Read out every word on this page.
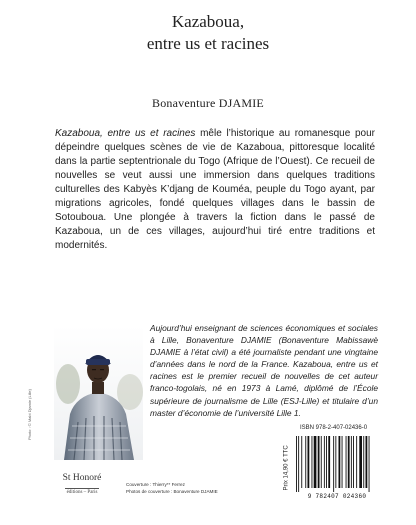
Kazaboua,
entre us et racines
Bonaventure DJAMIE

Kazaboua, entre us et racines mêle l’historique au romanesque pour dépeindre quelques scènes de vie de Kazaboua, pittoresque localité dans la partie septentrionale du Togo (Afrique de l’Ouest). Ce recueil de nouvelles se veut aussi une immersion dans quelques traditions culturelles des Kabyès K’djang de Kouméa, peuple du Togo ayant, par migrations agricoles, fondé quelques villages dans le bassin de Sotouboua. Une plongée à travers la fiction dans le passé de Kazaboua, un de ces villages, aujourd’hui tiré entre traditions et modernités.

Photo : © Mabi Djamie (Lille)

Aujourd’hui enseignant de sciences économiques et sociales à Lille, Bonaventure DJAMIE (Bonaventure Mabissawè DJAMIE à l’état civil) a été journaliste pendant une vingtaine d’années dans le nord de la France. Kazaboua, entre us et racines est le premier recueil de nouvelles de cet auteur franco-togolais, né en 1973 à Lamé, diplômé de l’École supérieure de journalisme de Lille (ESJ-Lille) et titulaire d’un master d’économie de l’université Lille 1.

ISBN 978-2-407-02436-0
9 782407 024360
Prix 14,90 € TTC
St Honoré
éditions – Paris
Couverture : Thierry** Ferrez
Photos de couverture : Bonaventure DJAMIE
